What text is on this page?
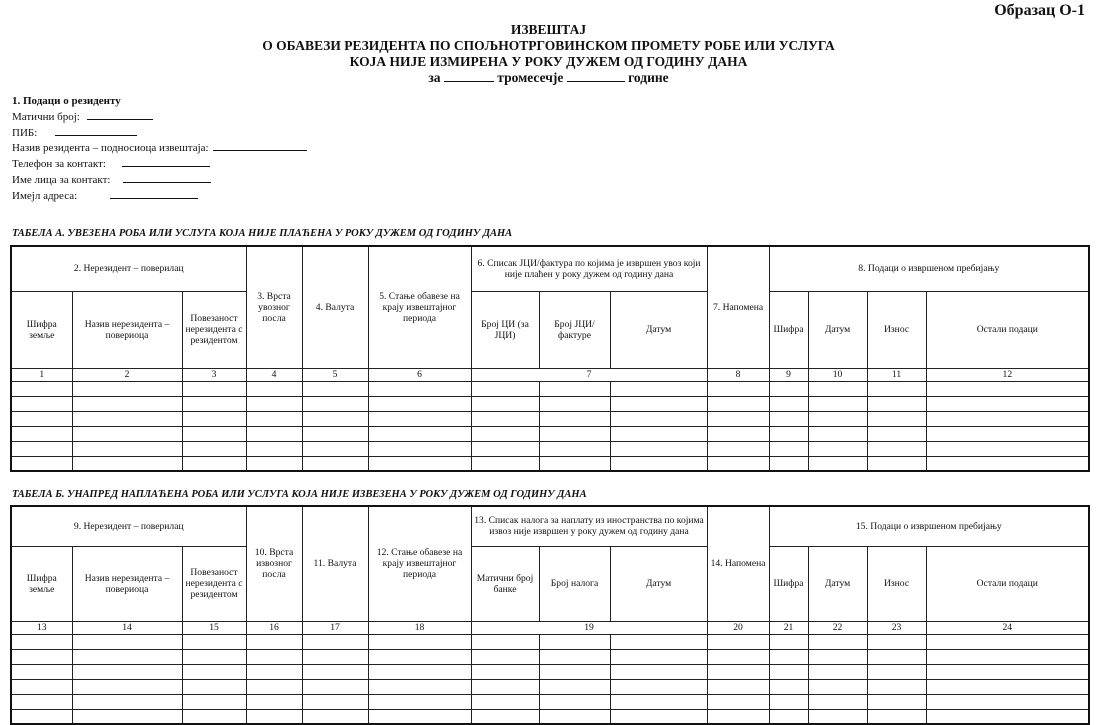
Образац О-1
ИЗВЕШТАЈ
О ОБАВЕЗИ РЕЗИДЕНТА ПО СПОЉНОТРГОВИНСКОМ ПРОМЕТУ РОБЕ ИЛИ УСЛУГА
КОЈА НИЈЕ ИЗМИРЕНА У РОКУ ДУЖЕМ ОД ГОДИНУ ДАНА
за	тромесечје	године
1. Подаци о резиденту
Матични број:
ПИБ:
Назив резидента – подносиоца извештаја:
Телефон за контакт:
Име лица за контакт:
Имејл адреса:
ТАБЕЛА А. УВЕЗЕНА РОБА ИЛИ УСЛУГА КОЈА НИЈЕ ПЛАЋЕНА У РОКУ ДУЖЕМ ОД ГОДИНУ ДАНА
2. Нерезидент – поверилац			3. Врста увозног посла	4. Валута	5. Стање обавезе на крају извештајног периода	6. Списак ЈЦИ/фактура по којима је извршен увоз који није плаћен у року дужем од годину дана			7. Напомена	8. Подаци о извршеном пребијању			
Шифра земље	Назив нерезидента – повериоца	Повезаност нерезидента с резидентом				Број ЦИ (за ЈЦИ)	Број ЈЦИ/фактуре	Датум		Шифра	Датум	Износ	Остали подаци
1	2	3	4	5	6	7			8	9	10	11	12

ТАБЕЛА Б. УНАПРЕД НАПЛАЋЕНА РОБА ИЛИ УСЛУГА КОЈА НИЈЕ ИЗВЕЗЕНА У РОКУ ДУЖЕМ ОД ГОДИНУ ДАНА
9. Нерезидент – поверилац			10. Врста извозног посла	11. Валута	12. Стање обавезе на крају извештајног периода	13. Списак налога за наплату из иностранства по којима извоз није извршен у року дужем од годину дана			14. Напомена	15. Подаци о извршеном пребијању			
Шифра земље	Назив нерезидента – повериоца	Повезаност нерезидента с резидентом				Матични број банке	Број налога	Датум		Шифра	Датум	Износ	Остали подаци
13	14	15	16	17	18	19			20	21	22	23	24
